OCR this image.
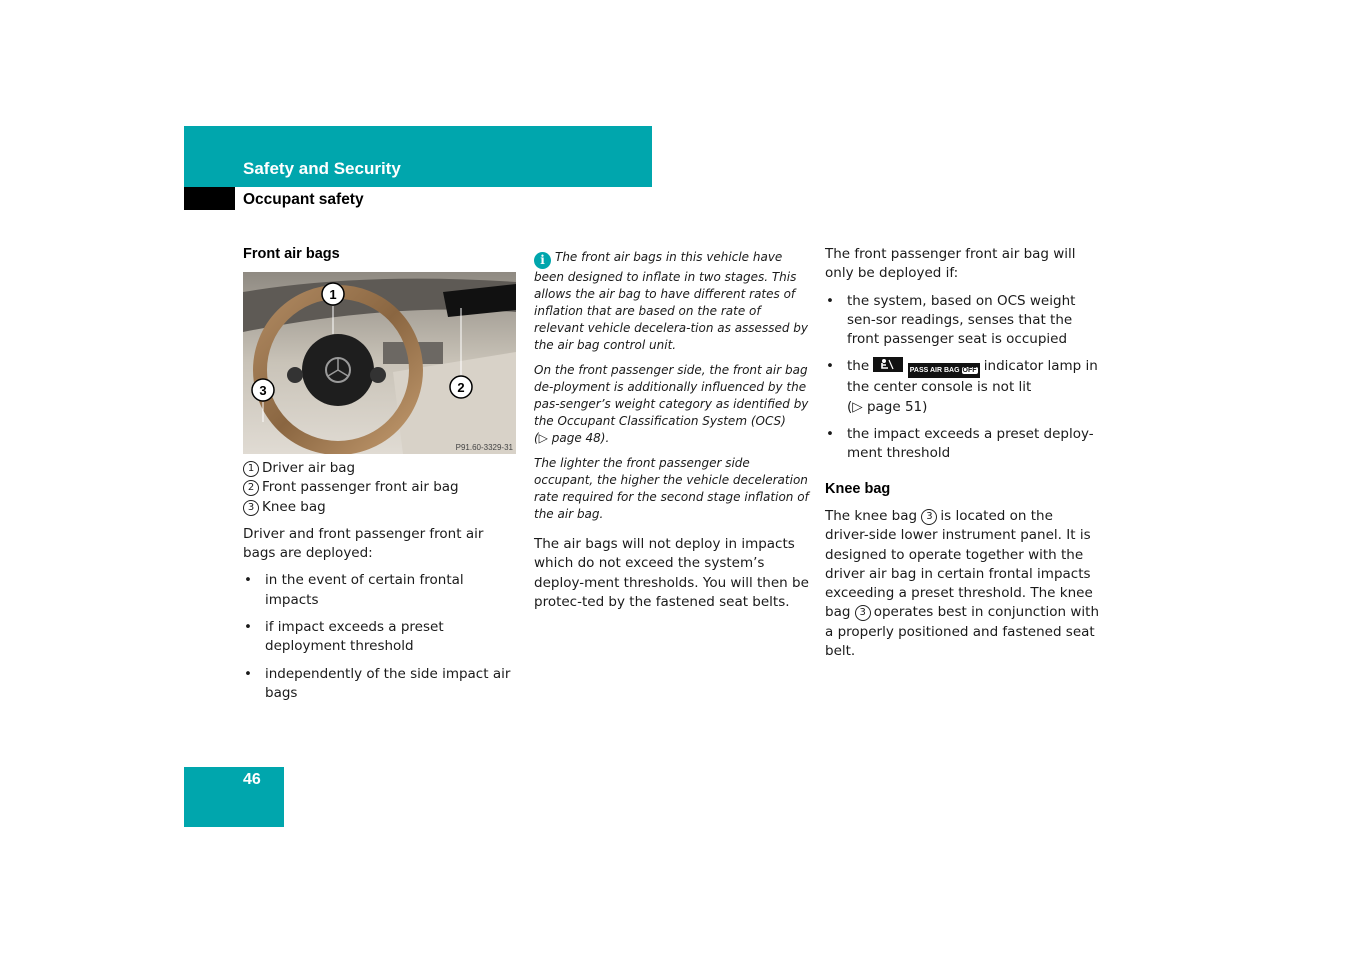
Safety and Security
Occupant safety
Front air bags
1
2
3
P91.60-3329-31
1 Driver air bag
2 Front passenger front air bag
3 Knee bag

Driver and front passenger front air bags are deployed:

• in the event of certain frontal impacts
• if impact exceeds a preset deployment threshold
• independently of the side impact air bags

i The front air bags in this vehicle have been designed to inflate in two stages. This allows the air bag to have different rates of inflation that are based on the rate of relevant vehicle decelera-tion as assessed by the air bag control unit.

On the front passenger side, the front air bag de-ployment is additionally influenced by the pas-senger’s weight category as identified by the Occupant Classification System (OCS)
(▷ page 48).

The lighter the front passenger side occupant, the higher the vehicle deceleration rate required for the second stage inflation of the air bag.

The air bags will not deploy in impacts which do not exceed the system’s deploy-ment thresholds. You will then be protec-ted by the fastened seat belts.

The front passenger front air bag will only be deployed if:

• the system, based on OCS weight sen-sor readings, senses that the front passenger seat is occupied
• the	PASS AIR BAG OFF indicator lamp in the center console is not lit
(▷ page 51)
• the impact exceeds a preset deploy-ment threshold
Knee bag

The knee bag 3 is located on the driver-side lower instrument panel. It is designed to operate together with the driver air bag in certain frontal impacts exceeding a preset threshold. The knee bag 3 operates best in conjunction with a properly positioned and fastened seat belt.

46
